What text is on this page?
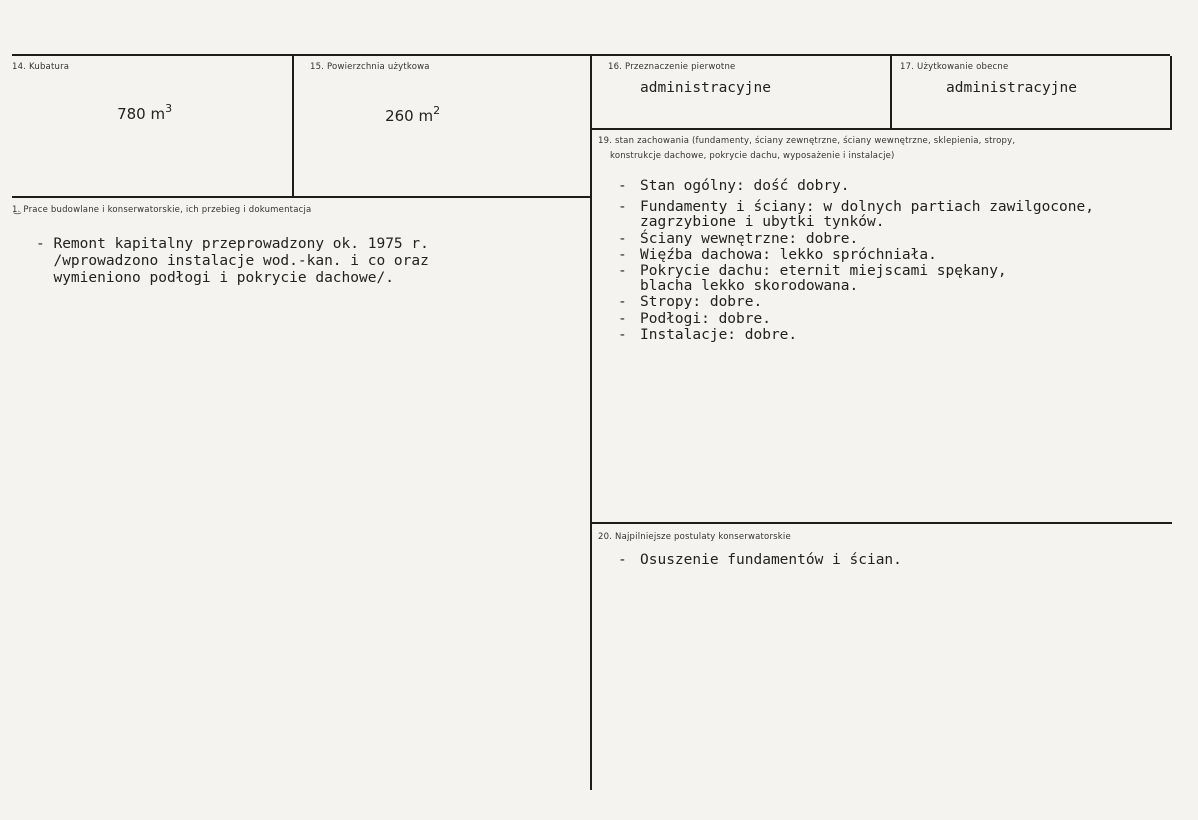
14. Kubatura

780 $m^3$

15. Powierzchnia użytkowa

260 $m^2$

16. Przeznaczenie pierwotne
administracyjne
17. Użytkowanie obecne
administracyjne
1͜. Prace budowlane i konserwatorskie, ich przebieg i dokumentacja
- Remont kapitalny przeprowadzony ok. 1975 r.
/wprowadzono instalacje wod.-kan. i co oraz
wymieniono podłogi i pokrycie dachowe/.
19. stan zachowania (fundamenty, ściany zewnętrzne, ściany wewnętrzne, sklepienia, stropy,
konstrukcje dachowe, pokrycie dachu, wyposażenie i instalacje)
- Stan ogólny: dość dobry.
- Fundamenty i ściany: w dolnych partiach zawilgocone,
zagrzybione i ubytki tynków.
- Ściany wewnętrzne: dobre.
- Więźba dachowa: lekko spróchniała.
- Pokrycie dachu: eternit miejscami spękany,
blacha lekko skorodowana.
- Stropy: dobre.
- Podłogi: dobre.
- Instalacje: dobre.
20. Najpilniejsze postulaty konserwatorskie
- Osuszenie fundamentów i ścian.
